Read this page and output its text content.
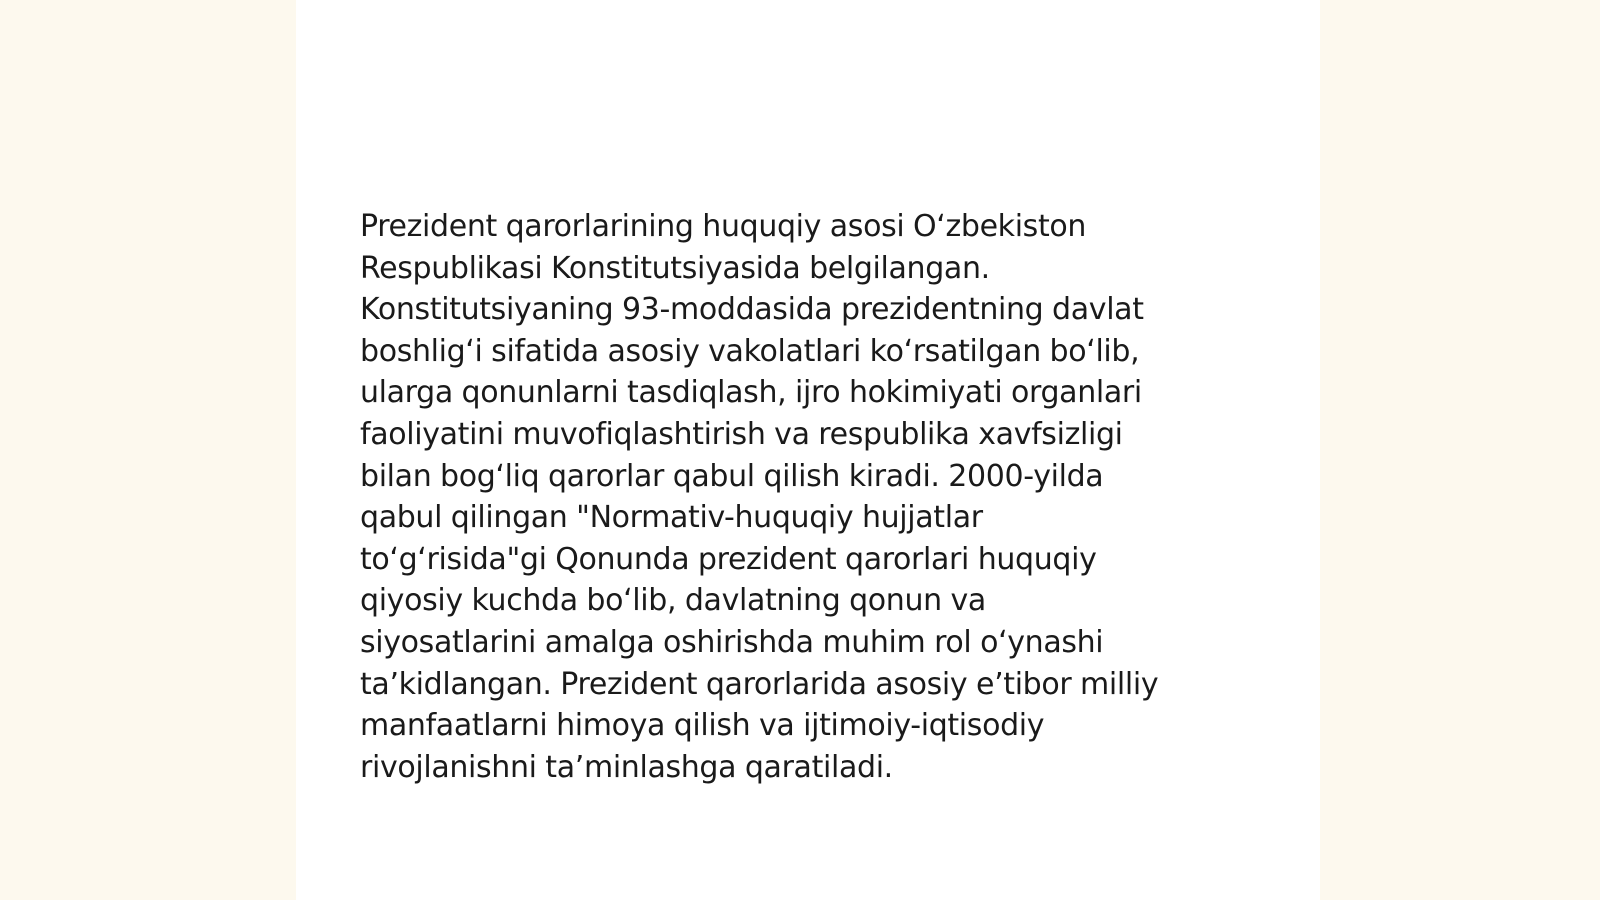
Prezident qarorlarining huquqiy asosi O‘zbekiston
Respublikasi Konstitutsiyasida belgilangan.
Konstitutsiyaning 93-moddasida prezidentning davlat
boshlig‘i sifatida asosiy vakolatlari ko‘rsatilgan bo‘lib,
ularga qonunlarni tasdiqlash, ijro hokimiyati organlari
faoliyatini muvofiqlashtirish va respublika xavfsizligi
bilan bog‘liq qarorlar qabul qilish kiradi. 2000-yilda
qabul qilingan "Normativ-huquqiy hujjatlar
to‘g‘risida"gi Qonunda prezident qarorlari huquqiy
qiyosiy kuchda bo‘lib, davlatning qonun va
siyosatlarini amalga oshirishda muhim rol o‘ynashi
ta’kidlangan. Prezident qarorlarida asosiy e’tibor milliy
manfaatlarni himoya qilish va ijtimoiy-iqtisodiy
rivojlanishni ta’minlashga qaratiladi.
